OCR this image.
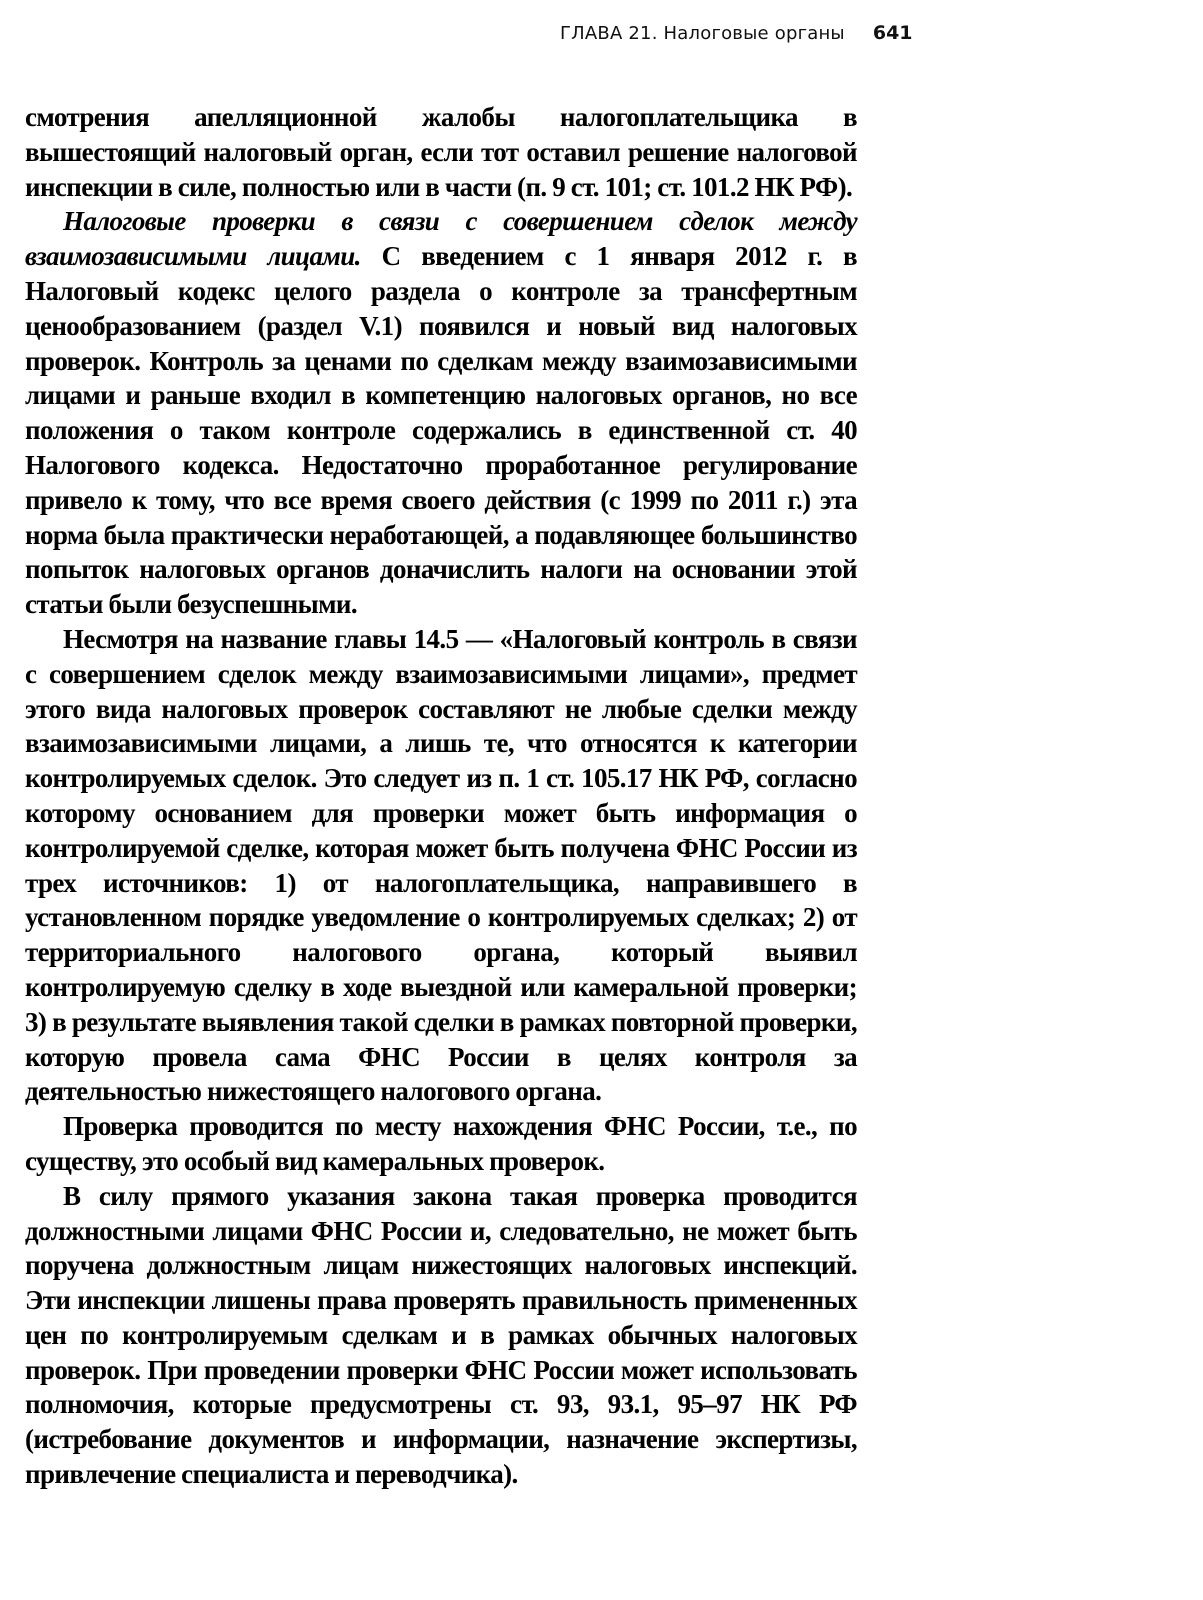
ГЛАВА 21. Налоговые органы 641

смотрения апелляционной жалобы налогоплательщика в вышестоящий налоговый орган, если тот оставил решение налоговой инспекции в силе, полностью или в части (п. 9 ст. 101; ст. 101.2 НК РФ).

Налоговые проверки в связи с совершением сделок между взаимозависимыми лицами. С введением с 1 января 2012 г. в Налоговый кодекс целого раздела о контроле за трансфертным ценообразованием (раздел V.1) появился и новый вид налоговых проверок. Контроль за ценами по сделкам между взаимозависимыми лицами и раньше входил в компетенцию налоговых органов, но все положения о таком контроле содержались в единственной ст. 40 Налогового кодекса. Недостаточно проработанное регулирование привело к тому, что все время своего действия (с 1999 по 2011 г.) эта норма была практически неработающей, а подавляющее большинство попыток налоговых органов доначислить налоги на основании этой статьи были безуспешными.

Несмотря на название главы 14.5 — «Налоговый контроль в связи с совершением сделок между взаимозависимыми лицами», предмет этого вида налоговых проверок составляют не любые сделки между взаимозависимыми лицами, а лишь те, что относятся к категории контролируемых сделок. Это следует из п. 1 ст. 105.17 НК РФ, согласно которому основанием для проверки может быть информация о контролируемой сделке, которая может быть получена ФНС России из трех источников: 1) от налогоплательщика, направившего в установленном порядке уведомление о контролируемых сделках; 2) от территориального налогового органа, который выявил контролируемую сделку в ходе выездной или камеральной проверки; 3) в результате выявления такой сделки в рамках повторной проверки, которую провела сама ФНС России в целях контроля за деятельностью нижестоящего налогового органа.

Проверка проводится по месту нахождения ФНС России, т.е., по существу, это особый вид камеральных проверок.

В силу прямого указания закона такая проверка проводится должностными лицами ФНС России и, следовательно, не может быть поручена должностным лицам нижестоящих налоговых инспекций. Эти инспекции лишены права проверять правильность примененных цен по контролируемым сделкам и в рамках обычных налоговых проверок. При проведении проверки ФНС России может использовать полномочия, которые предусмотрены ст. 93, 93.1, 95–97 НК РФ (истребование документов и информации, назначение экспертизы, привлечение специалиста и переводчика).
